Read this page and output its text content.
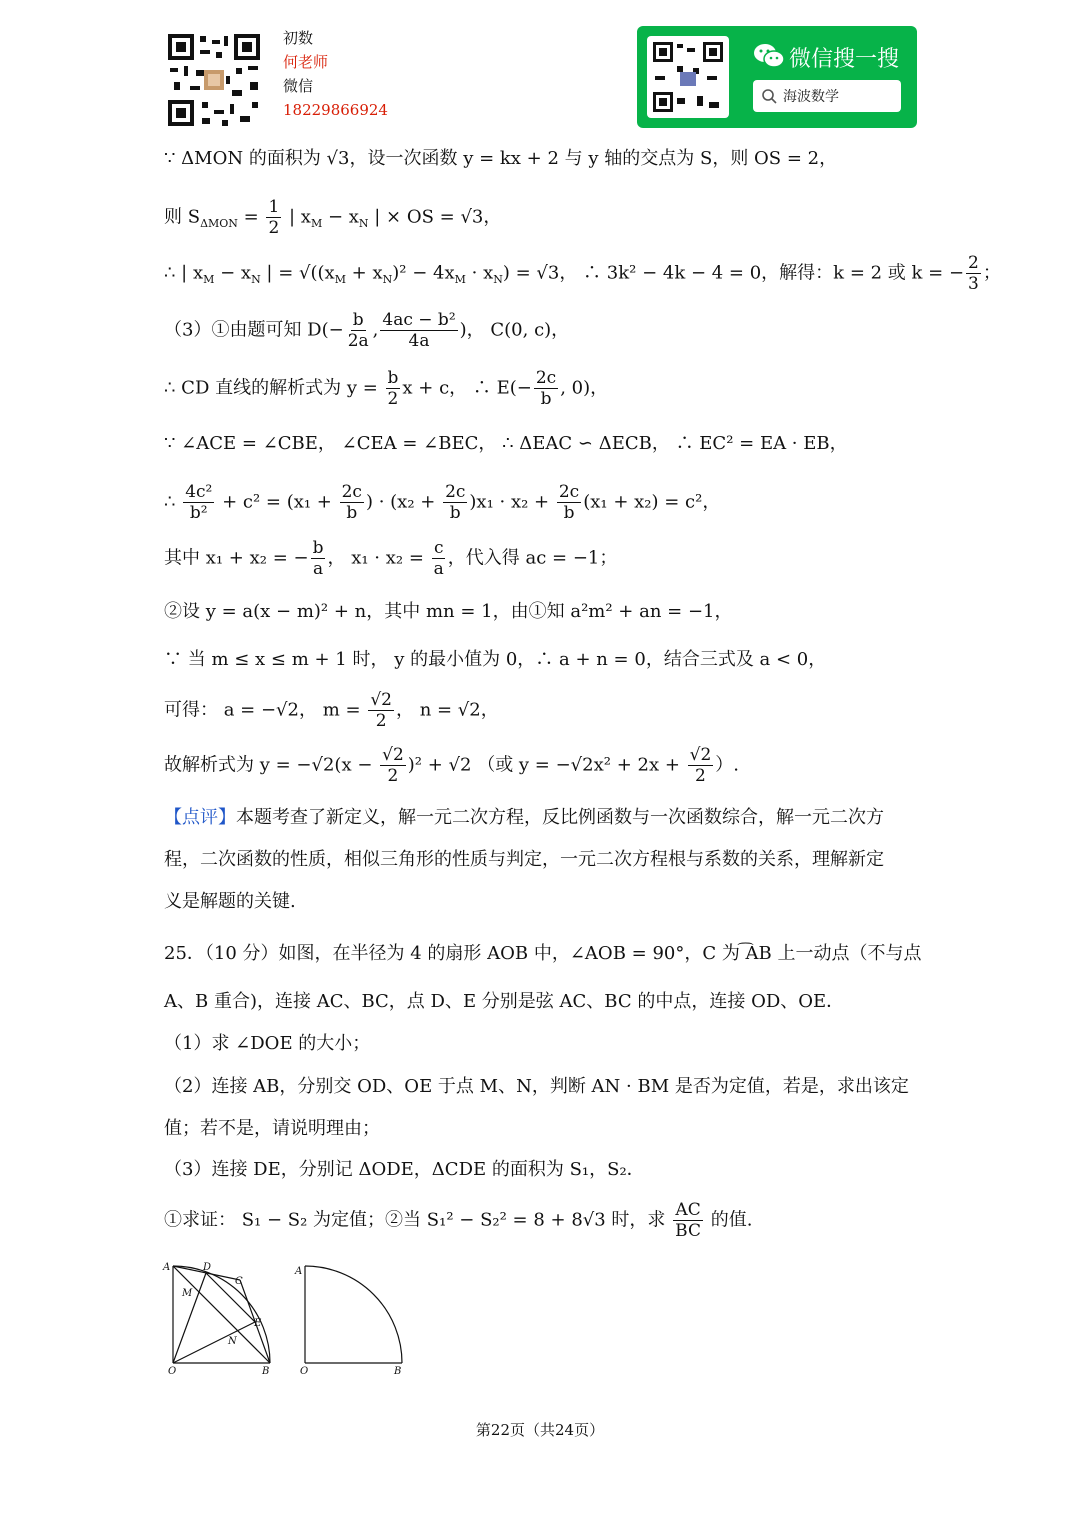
初数
何老师
微信
18229866924
微信搜一搜
海波数学
∵ ΔMON 的面积为 √3，设一次函数 y = kx + 2 与 y 轴的交点为 S，则 OS = 2，
则 $S_{\Delta MON} = \frac{1}{2}$ | $x_M - x_N$ | × OS = √3，
∴ | $x_M - x_N$ | = $√((x_M + x_N)^2 - 4x_M \cdot x_N) = √3$， ∴ 3k² − 4k − 4 = 0，解得：k = 2 或 k = − $\frac{2}{3}$ ；
（3）①由题可知 $D(- \frac{b}{2a}$ , $\frac{\text{4ac − b²}}{4a}$ )， C(0, c)，
∴ CD 直线的解析式为 $y = \frac{b}{2}$ x + c， ∴ $E(- \frac{2c}{b}$ , 0)，
∵ ∠ACE = ∠CBE， ∠CEA = ∠BEC， ∴ ΔEAC ∽ ΔECB， ∴ EC² = EA · EB，
∴ $\frac{\text{4c²}}{\text{b²}} + c^2 = (x_1 + \frac{2c}{b}$ ) · $(x_2 + \frac{2c}{b} )x_1 \cdot x_2 + \frac{2c}{b} (x_1 + x_2) = c^2$，
其中 x₁ + x₂ = − $\frac{b}{a}$ ， $x_1 \cdot x_2 = \frac{c}{a}$ ，代入得 ac = −1；
②设 y = a(x − m)² + n，其中 mn = 1，由①知 a²m² + an = −1，
∵ 当 m ≤ x ≤ m + 1 时， y 的最小值为 0，∴ a + n = 0，结合三式及 a < 0，
可得： a = −√2， $m = \frac{√2}{2}$ ， n = √2，
故解析式为 $y = -√2(x - \frac{√2}{2} )^2 + √2$ （或 $y = -√2x^2 + 2x + \frac{√2}{2}$ ）.
【点评】本题考查了新定义，解一元二次方程，反比例函数与一次函数综合，解一元二次方
程，二次函数的性质，相似三角形的性质与判定，一元二次方程根与系数的关系，理解新定
义是解题的关键.
25．（10 分）如图，在半径为 4 的扇形 AOB 中，∠AOB = 90°，C 为 ͡AB 上一动点（不与点
A、B 重合)，连接 AC、BC，点 D、E 分别是弦 AC、BC 的中点，连接 OD、OE．
（1）求 ∠DOE 的大小；
（2）连接 AB，分别交 OD、OE 于点 M、N，判断 AN · BM 是否为定值，若是，求出该定
值；若不是，请说明理由；
（3）连接 DE，分别记 ΔODE，ΔCDE 的面积为 S₁，S₂．
①求证： S₁ − S₂ 为定值；②当 S₁² − S₂² = 8 + 8√3 时，求 $\frac{AC}{BC}$ 的值.
A	D
C
M
E
N
O	B
A
O	B
第22页（共24页）
